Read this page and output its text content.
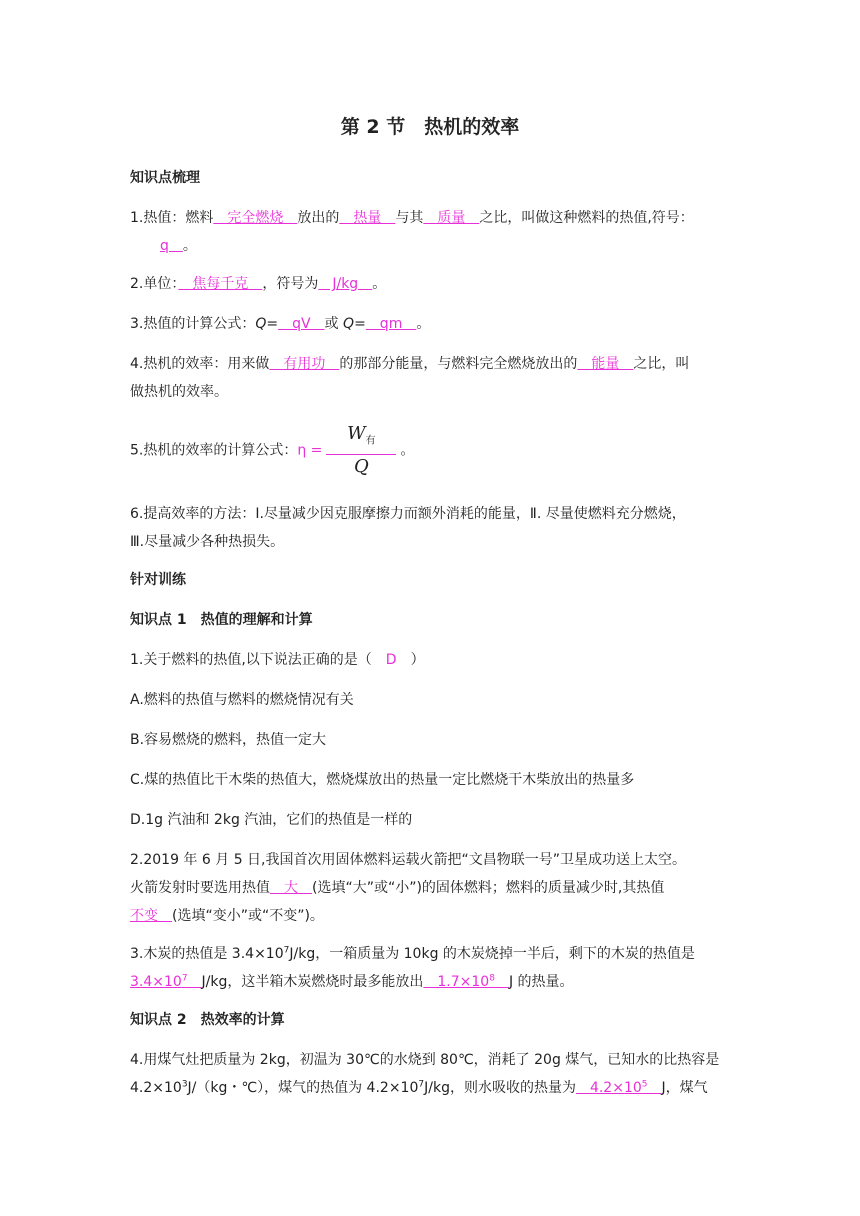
第 2 节　热机的效率
知识点梳理
1.热值：燃料　完全燃烧　放出的　热量　与其　质量　之比，叫做这种燃料的热值,符号：
q　。
2.单位：　焦每千克　，符号为　J/kg　。
3.热值的计算公式：Q=　qV　或 Q=　qm　。
4.热机的效率：用来做　有用功　的那部分能量，与燃料完全燃烧放出的　能量　之比，叫
做热机的效率。
5.热机的效率的计算公式：$\eta = \frac{W_有}{Q}$ 。
6.提高效率的方法：Ⅰ.尽量减少因克服摩擦力而额外消耗的能量，Ⅱ. 尽量使燃料充分燃烧，
Ⅲ.尽量减少各种热损失。
针对训练
知识点 1　热值的理解和计算
1.关于燃料的热值,以下说法正确的是（　D　）
A.燃料的热值与燃料的燃烧情况有关
B.容易燃烧的燃料，热值一定大
C.煤的热值比干木柴的热值大，燃烧煤放出的热量一定比燃烧干木柴放出的热量多
D.1g 汽油和 2kg 汽油，它们的热值是一样的
2.2019 年 6 月 5 日,我国首次用固体燃料运载火箭把“文昌物联一号”卫星成功送上太空。
火箭发射时要选用热值　大　(选填“大”或“小”)的固体燃料；燃料的质量减少时,其热值
不变　(选填“变小”或“不变”)。
3.木炭的热值是 $3.4\times 10^7J/kg$，一箱质量为 10kg 的木炭烧掉一半后，剩下的木炭的热值是
$3.4\times 10^7$　 J/kg，这半箱木炭燃烧时最多能放出　$1.7\times 10^8$　 J 的热量。
知识点 2　热效率的计算
4.用煤气灶把质量为 2kg，初温为 30℃的水烧到 80℃，消耗了 20g 煤气，已知水的比热容是
$4.2\times 10^3J/(kg$・℃），煤气的热值为 $4.2\times 10^7J/kg$，则水吸收的热量为　$4.2\times 10^5$　 J，煤气
